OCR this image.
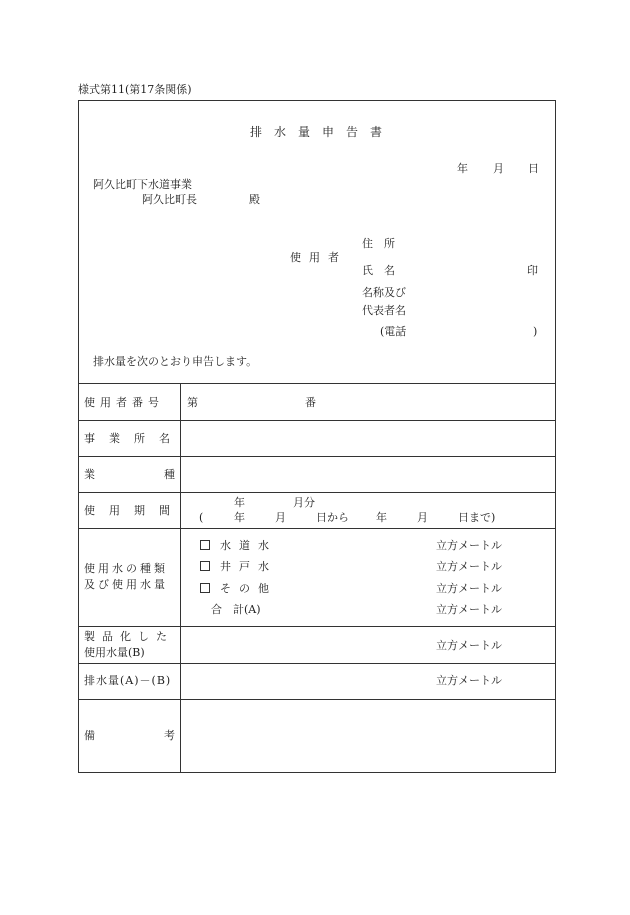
様式第11(第17条関係)
排水量申告書
年 月 日
阿久比町下水道事業
阿久比町長	殿
使用者
住　所
氏　名	印
名称及び
代表者名
(電話	)
排水量を次のとおり申告します。
使用者番号 第	番
事業所名
業	種
使用期間
年	月分
(	年	月	日から 年	月	日まで)
使用水の種類
及び使用水量
水道水	立方メートル
井戸水	立方メートル
その他	立方メートル
合　計(A)	立方メートル
製品化した
使用水量(B)
立方メートル
排水量(A)－(B)	立方メートル
備	考
